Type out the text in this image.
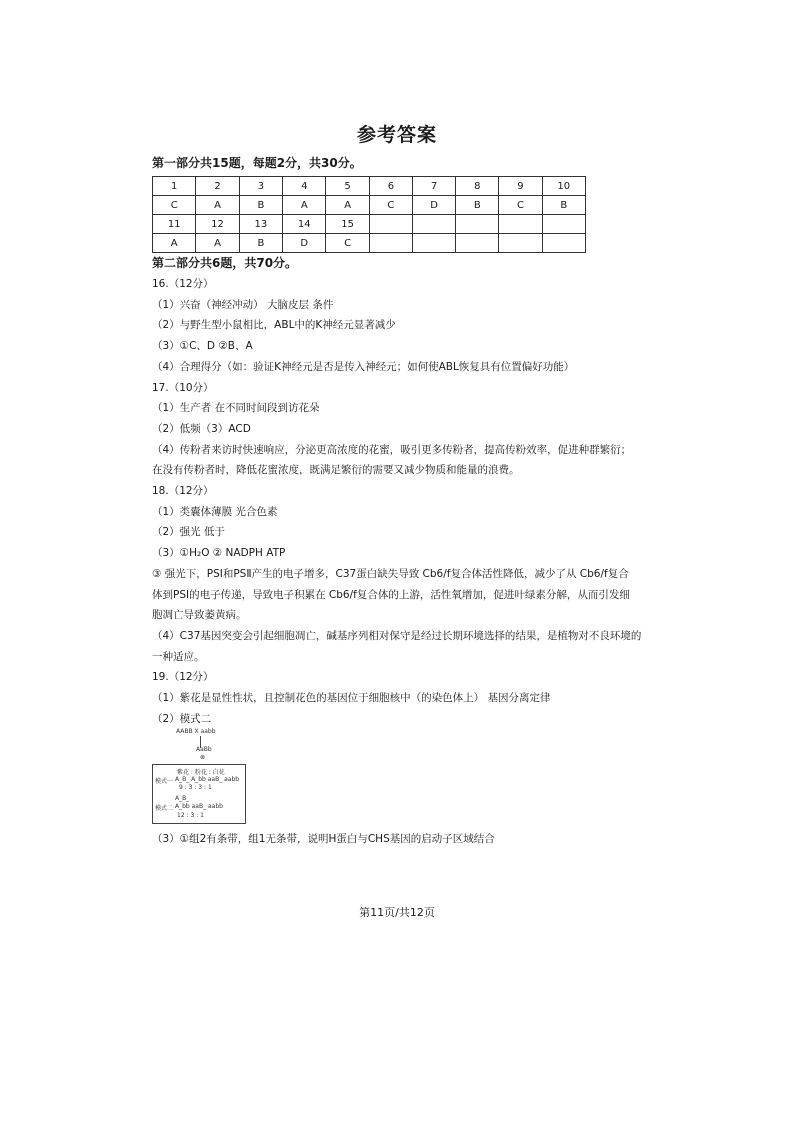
参考答案
第一部分共15题，每题2分，共30分。
1	2	3	4	5	6	7	8	9	10
C	A	B	A	A	C	D	B	C	B
11	12	13	14	15					
A	A	B	D	C					
第二部分共6题，共70分。
16.（12分）
（1）兴奋（神经冲动） 大脑皮层 条件
（2）与野生型小鼠相比，ABL中的K神经元显著减少
（3）①C、D ②B、A
（4）合理得分（如：验证K神经元是否是传入神经元；如何使ABL恢复具有位置偏好功能）
17.（10分）
（1）生产者 在不同时间段到访花朵
（2）低频（3）ACD
（4）传粉者来访时快速响应，分泌更高浓度的花蜜，吸引更多传粉者，提高传粉效率，促进种群繁衍；
在没有传粉者时，降低花蜜浓度，既满足繁衍的需要又减少物质和能量的浪费。
18.（12分）
（1）类囊体薄膜 光合色素
（2）强光 低于
（3）①H₂O ② NADPH ATP
③ 强光下，PSⅠ和PSⅡ产生的电子增多，C37蛋白缺失导致 Cb6/f复合体活性降低，减少了从 Cb6/f复合
体到PSⅠ的电子传递，导致电子积累在 Cb6/f复合体的上游，活性氧增加，促进叶绿素分解，从而引发细
胞凋亡导致萎黄病。
（4）C37基因突变会引起细胞凋亡，碱基序列相对保守是经过长期环境选择的结果，是植物对不良环境的
一种适应。
19.（12分）
（1）紫花是显性性状，且控制花色的基因位于细胞核中（的染色体上） 基因分离定律
（2）模式二
AABB X aabb
AaBb
⊗
紫花 : 粉花 : 白花
模式一 A_B_ A_bb aaB_ aabb
9 : 3 : 3 : 1
A_B_
模式二 A_bb aaB_ aabb
12 : 3 : 1
（3）①组2有条带，组1无条带，说明H蛋白与CHS基因的启动子区域结合
第11页/共12页
